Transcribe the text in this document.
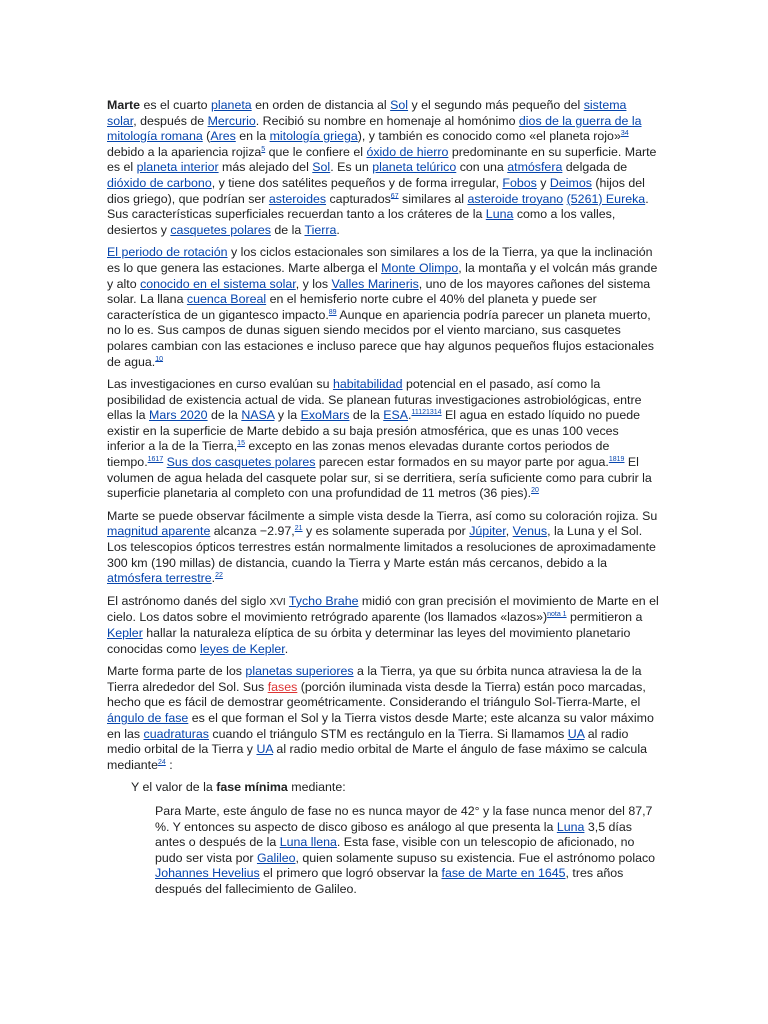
Marte es el cuarto planeta en orden de distancia al Sol y el segundo más pequeño del sistema solar, después de Mercurio. Recibió su nombre en homenaje al homónimo dios de la guerra de la mitología romana (Ares en la mitología griega), y también es conocido como «el planeta rojo»$^{34}$ debido a la apariencia rojiza$^5$ que le confiere el óxido de hierro predominante en su superficie. Marte es el planeta interior más alejado del Sol. Es un planeta telúrico con una atmósfera delgada de dióxido de carbono, y tiene dos satélites pequeños y de forma irregular, Fobos y Deimos (hijos del dios griego), que podrían ser asteroides capturados$^{67}$ similares al asteroide troyano (5261) Eureka. Sus características superficiales recuerdan tanto a los cráteres de la Luna como a los valles, desiertos y casquetes polares de la Tierra.

El periodo de rotación y los ciclos estacionales son similares a los de la Tierra, ya que la inclinación es lo que genera las estaciones. Marte alberga el Monte Olimpo, la montaña y el volcán más grande y alto conocido en el sistema solar, y los Valles Marineris, uno de los mayores cañones del sistema solar. La llana cuenca Boreal en el hemisferio norte cubre el 40% del planeta y puede ser característica de un gigantesco impacto.$^{89}$ Aunque en apariencia podría parecer un planeta muerto, no lo es. Sus campos de dunas siguen siendo mecidos por el viento marciano, sus casquetes polares cambian con las estaciones e incluso parece que hay algunos pequeños flujos estacionales de agua.$^{10}$

Las investigaciones en curso evalúan su habitabilidad potencial en el pasado, así como la posibilidad de existencia actual de vida. Se planean futuras investigaciones astrobiológicas, entre ellas la Mars 2020 de la NASA y la ExoMars de la ESA.$^{11121314}$ El agua en estado líquido no puede existir en la superficie de Marte debido a su baja presión atmosférica, que es unas 100 veces inferior a la de la Tierra,$^{15}$ excepto en las zonas menos elevadas durante cortos periodos de tiempo.$^{1617}$ Sus dos casquetes polares parecen estar formados en su mayor parte por agua.$^{1819}$ El volumen de agua helada del casquete polar sur, si se derritiera, sería suficiente como para cubrir la superficie planetaria al completo con una profundidad de 11 metros (36 pies).$^{20}$

Marte se puede observar fácilmente a simple vista desde la Tierra, así como su coloración rojiza. Su magnitud aparente alcanza −2.97,21 y es solamente superada por Júpiter, Venus, la Luna y el Sol. Los telescopios ópticos terrestres están normalmente limitados a resoluciones de aproximadamente 300 km (190 millas) de distancia, cuando la Tierra y Marte están más cercanos, debido a la atmósfera terrestre.$^{22}$

El astrónomo danés del siglo XVI Tycho Brahe midió con gran precisión el movimiento de Marte en el cielo. Los datos sobre el movimiento retrógrado aparente (los llamados «lazos»)$^{nota 1}$ permitieron a Kepler hallar la naturaleza elíptica de su órbita y determinar las leyes del movimiento planetario conocidas como leyes de Kepler.

Marte forma parte de los planetas superiores a la Tierra, ya que su órbita nunca atraviesa la de la Tierra alrededor del Sol. Sus fases (porción iluminada vista desde la Tierra) están poco marcadas, hecho que es fácil de demostrar geométricamente. Considerando el triángulo Sol-Tierra-Marte, el ángulo de fase es el que forman el Sol y la Tierra vistos desde Marte; este alcanza su valor máximo en las cuadraturas cuando el triángulo STM es rectángulo en la Tierra. Si llamamos UA al radio medio orbital de la Tierra y UA al radio medio orbital de Marte el ángulo de fase máximo se calcula mediante$^{24}$ :

Y el valor de la fase mínima mediante:
Para Marte, este ángulo de fase no es nunca mayor de 42° y la fase nunca menor del 87,7 %. Y entonces su aspecto de disco giboso es análogo al que presenta la Luna 3,5 días antes o después de la Luna llena. Esta fase, visible con un telescopio de aficionado, no pudo ser vista por Galileo, quien solamente supuso su existencia. Fue el astrónomo polaco Johannes Hevelius el primero que logró observar la fase de Marte en 1645, tres años después del fallecimiento de Galileo.
